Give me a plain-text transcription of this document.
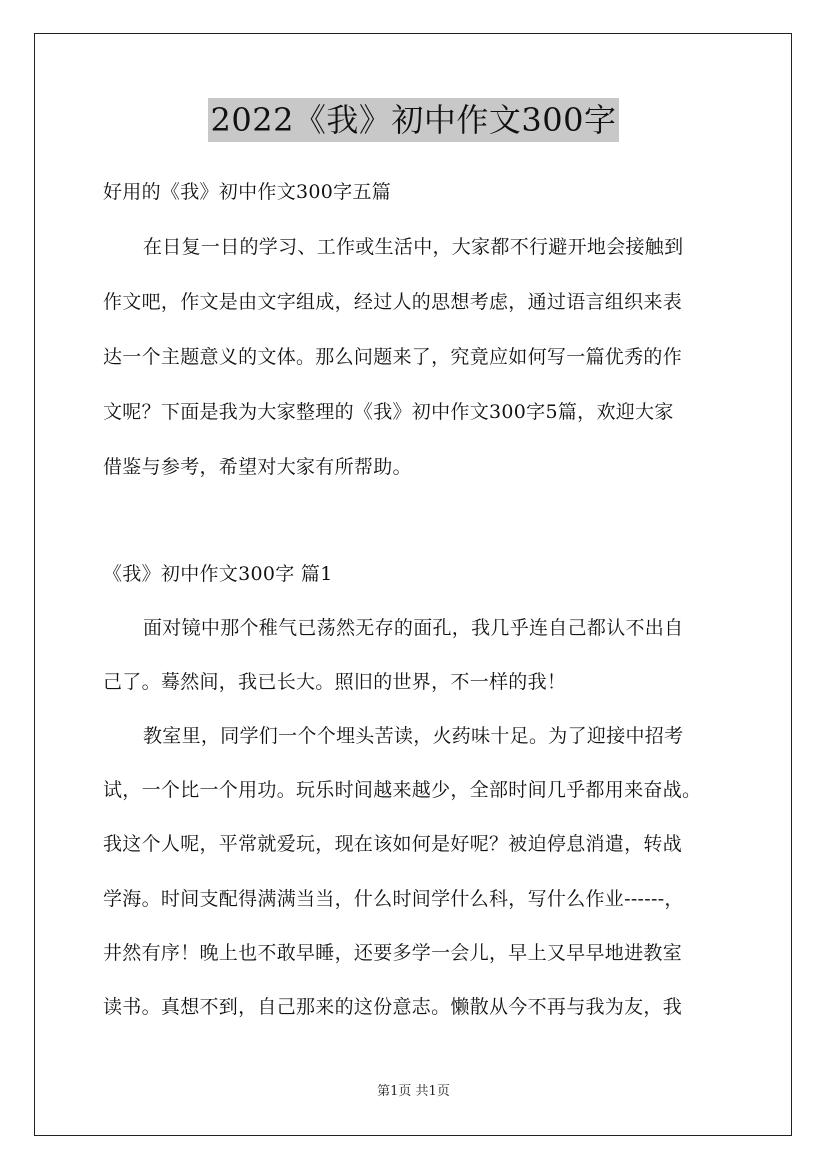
2022《我》初中作文300字
好用的《我》初中作文300字五篇
在日复一日的学习、工作或生活中，大家都不行避开地会接触到
作文吧，作文是由文字组成，经过人的思想考虑，通过语言组织来表
达一个主题意义的文体。那么问题来了，究竟应如何写一篇优秀的作
文呢？下面是我为大家整理的《我》初中作文300字5篇，欢迎大家
借鉴与参考，希望对大家有所帮助。
《我》初中作文300字 篇1
面对镜中那个稚气已荡然无存的面孔，我几乎连自己都认不出自
己了。蓦然间，我已长大。照旧的世界，不一样的我！
教室里，同学们一个个埋头苦读，火药味十足。为了迎接中招考
试，一个比一个用功。玩乐时间越来越少，全部时间几乎都用来奋战。
我这个人呢，平常就爱玩，现在该如何是好呢？被迫停息消遣，转战
学海。时间支配得满满当当，什么时间学什么科，写什么作业------，
井然有序！晚上也不敢早睡，还要多学一会儿，早上又早早地进教室
读书。真想不到，自己那来的这份意志。懒散从今不再与我为友，我
第1页 共1页
